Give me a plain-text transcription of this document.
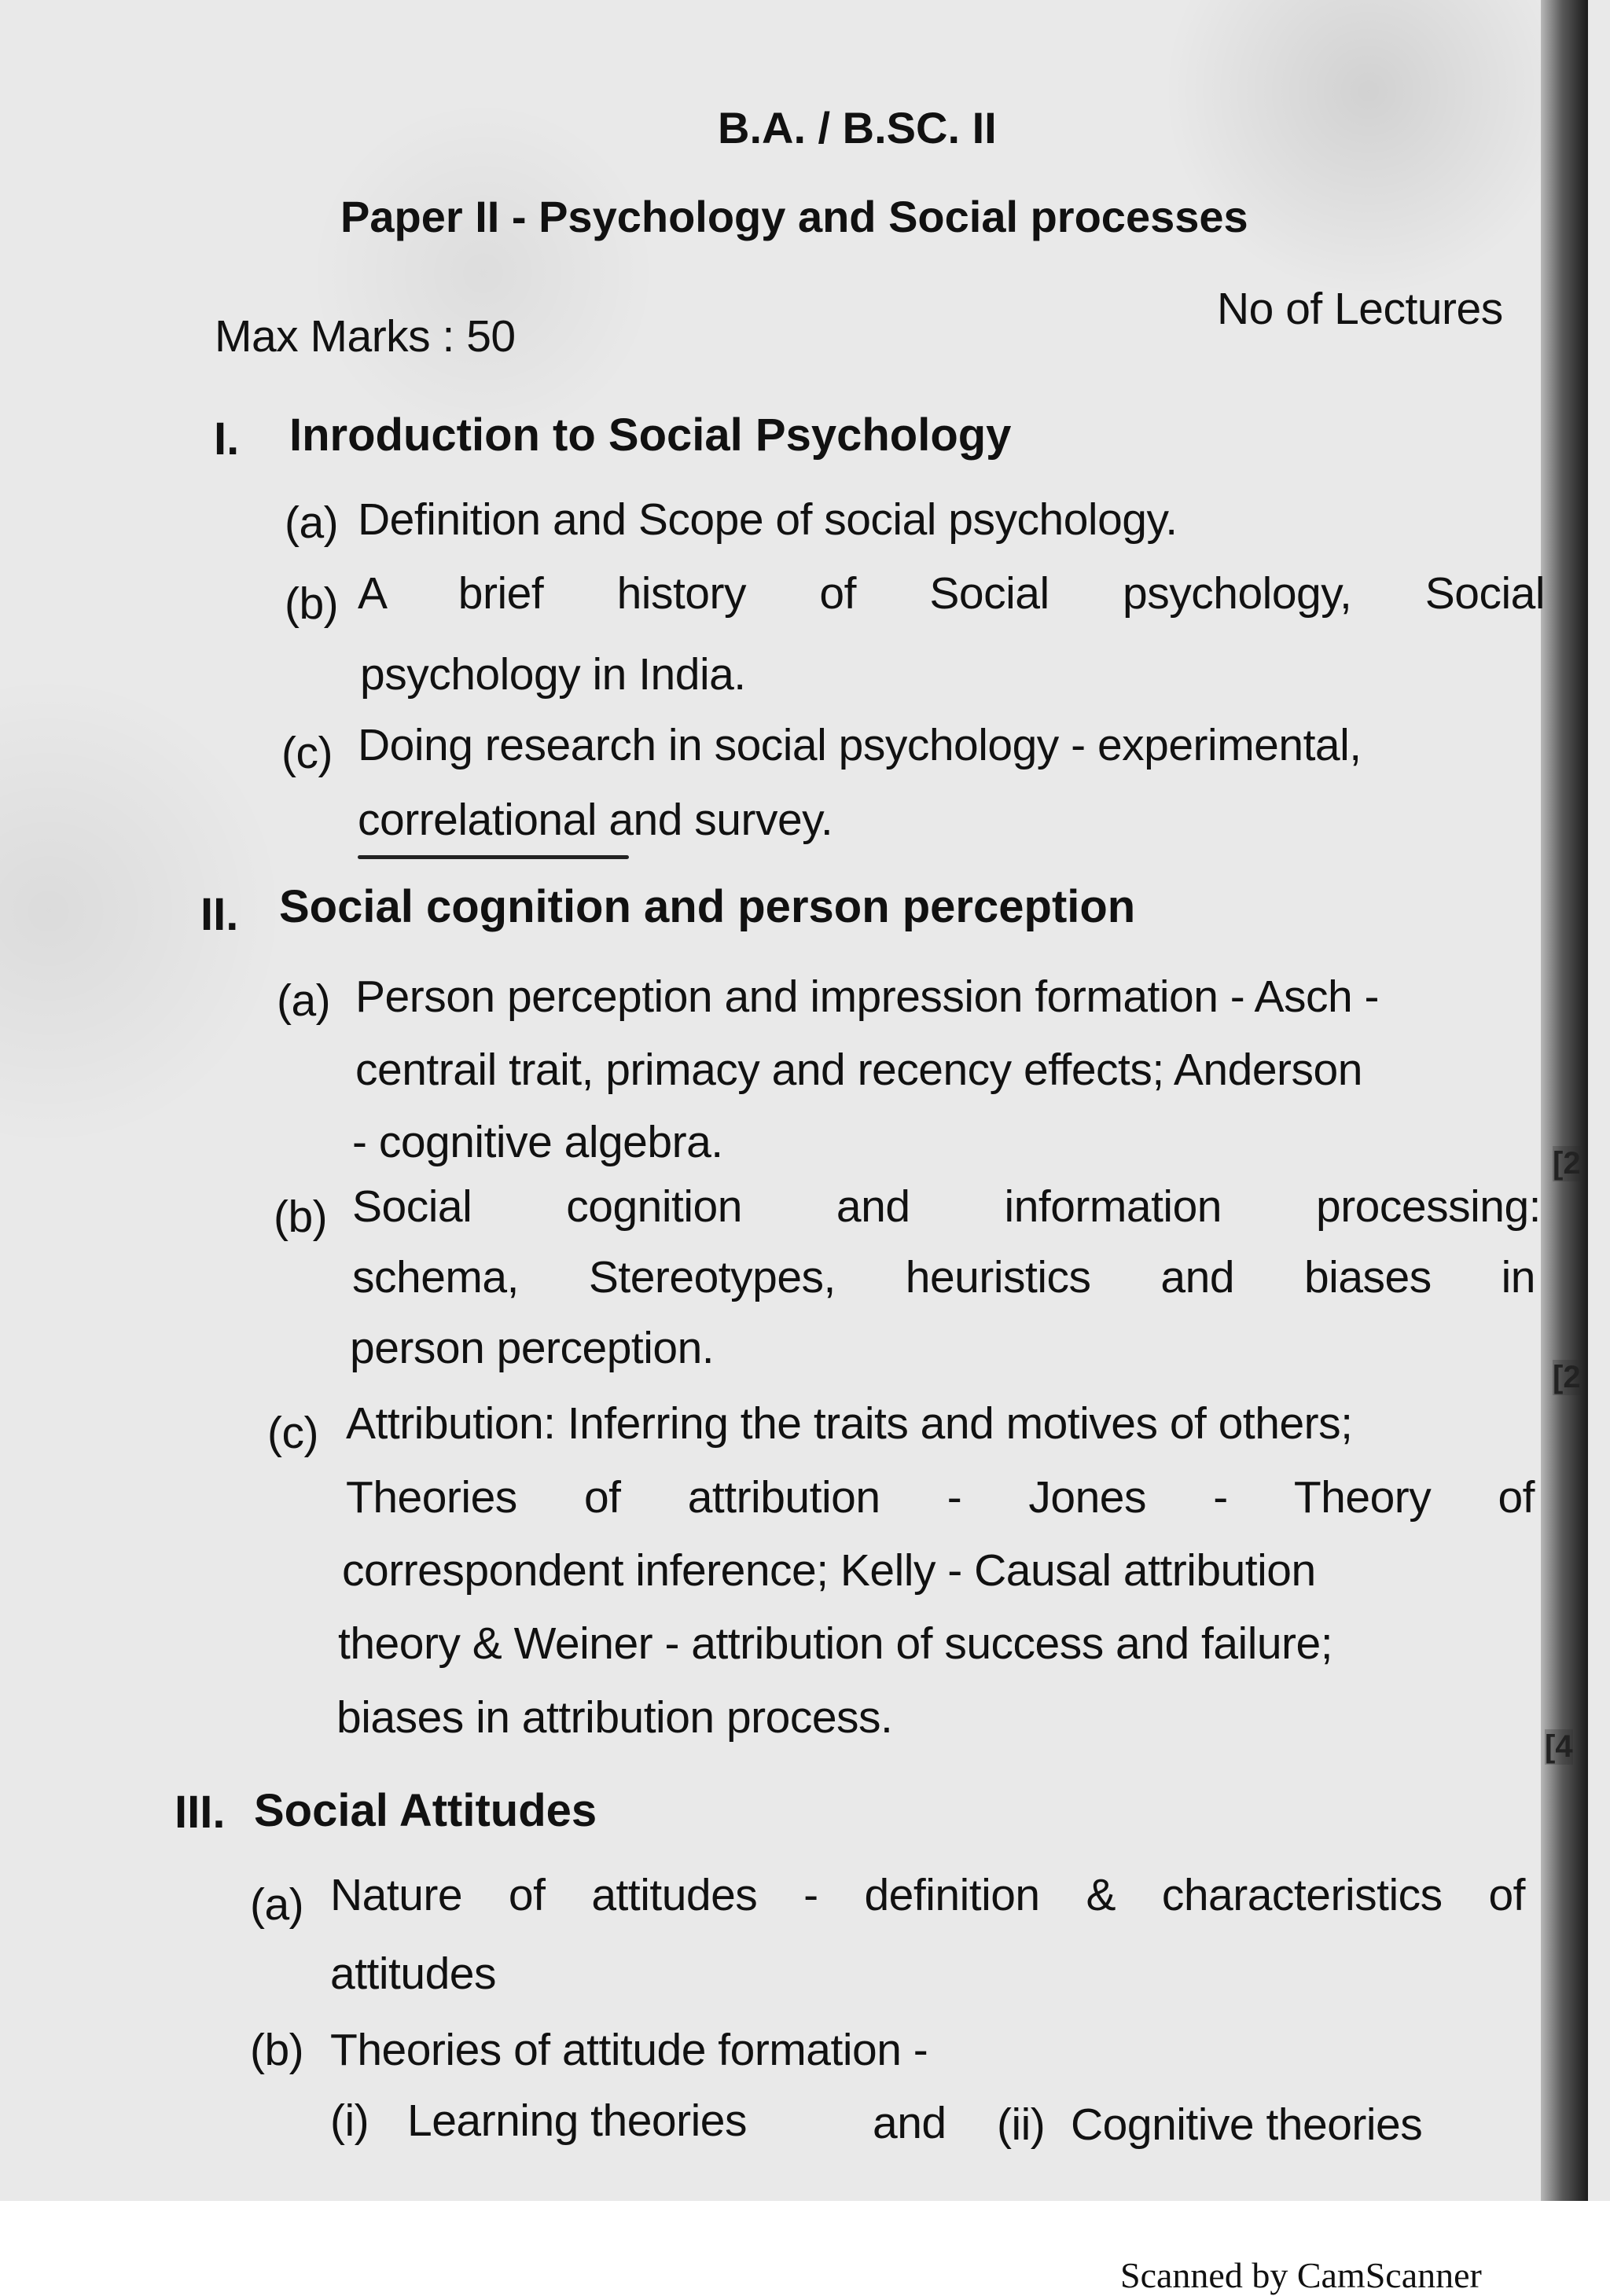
B.A. / B.SC. II

Paper II - Psychology and Social processes

Max Marks : 50

No of Lectures

I. Inroduction to Social Psychology

(a) Definition and Scope of social psychology.

(b) A brief history of Social psychology, Social

psychology in India.

(c) Doing research in social psychology - experimental,

correlational and survey.

II. Social cognition and person perception

(a) Person perception and impression formation - Asch -

centrail trait, primacy and recency effects; Anderson

- cognitive algebra.	[2

(b) Social cognition and information processing:

schema, Stereotypes, heuristics and biases in

person perception.

[2

(c) Attribution: Inferring the traits and motives of others;

Theories of attribution - Jones - Theory of

correspondent inference; Kelly - Causal attribution

theory & Weiner - attribution of success and failure;

biases in attribution process.

[4

III. Social Attitudes

(a) Nature of attitudes - definition & characteristics of

attitudes

(b) Theories of attitude formation -

(i) Learning theories	and (ii) Cognitive theories

Scanned by CamScanner
